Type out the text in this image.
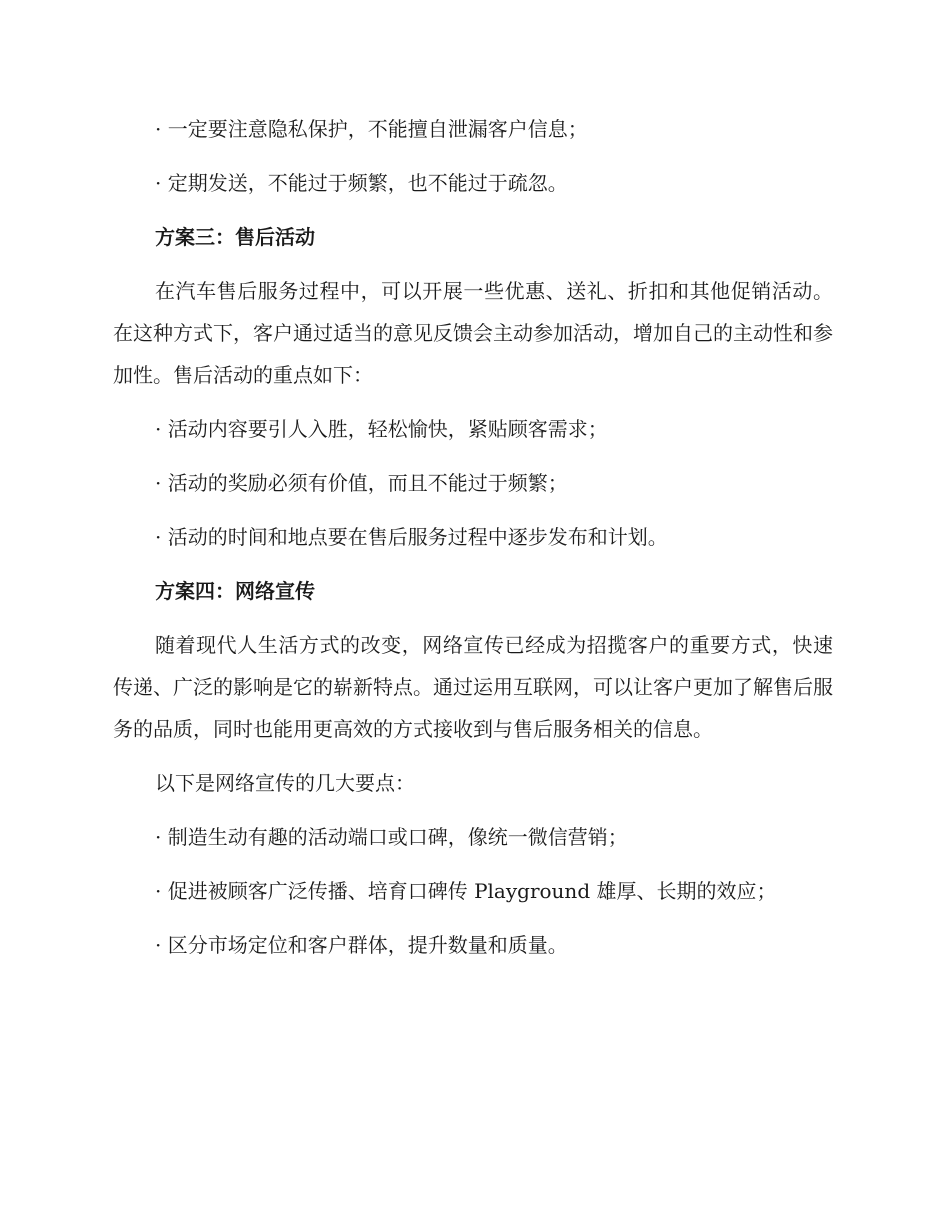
· 一定要注意隐私保护，不能擅自泄漏客户信息；

· 定期发送，不能过于频繁，也不能过于疏忽。

方案三：售后活动

在汽车售后服务过程中，可以开展一些优惠、送礼、折扣和其他促销活动。在这种方式下，客户通过适当的意见反馈会主动参加活动，增加自己的主动性和参加性。售后活动的重点如下：

· 活动内容要引人入胜，轻松愉快，紧贴顾客需求；

· 活动的奖励必须有价值，而且不能过于频繁；

· 活动的时间和地点要在售后服务过程中逐步发布和计划。

方案四：网络宣传

随着现代人生活方式的改变，网络宣传已经成为招揽客户的重要方式，快速传递、广泛的影响是它的崭新特点。通过运用互联网，可以让客户更加了解售后服务的品质，同时也能用更高效的方式接收到与售后服务相关的信息。

以下是网络宣传的几大要点：

· 制造生动有趣的活动端口或口碑，像统一微信营销；

· 促进被顾客广泛传播、培育口碑传 Playground 雄厚、长期的效应；

· 区分市场定位和客户群体，提升数量和质量。
